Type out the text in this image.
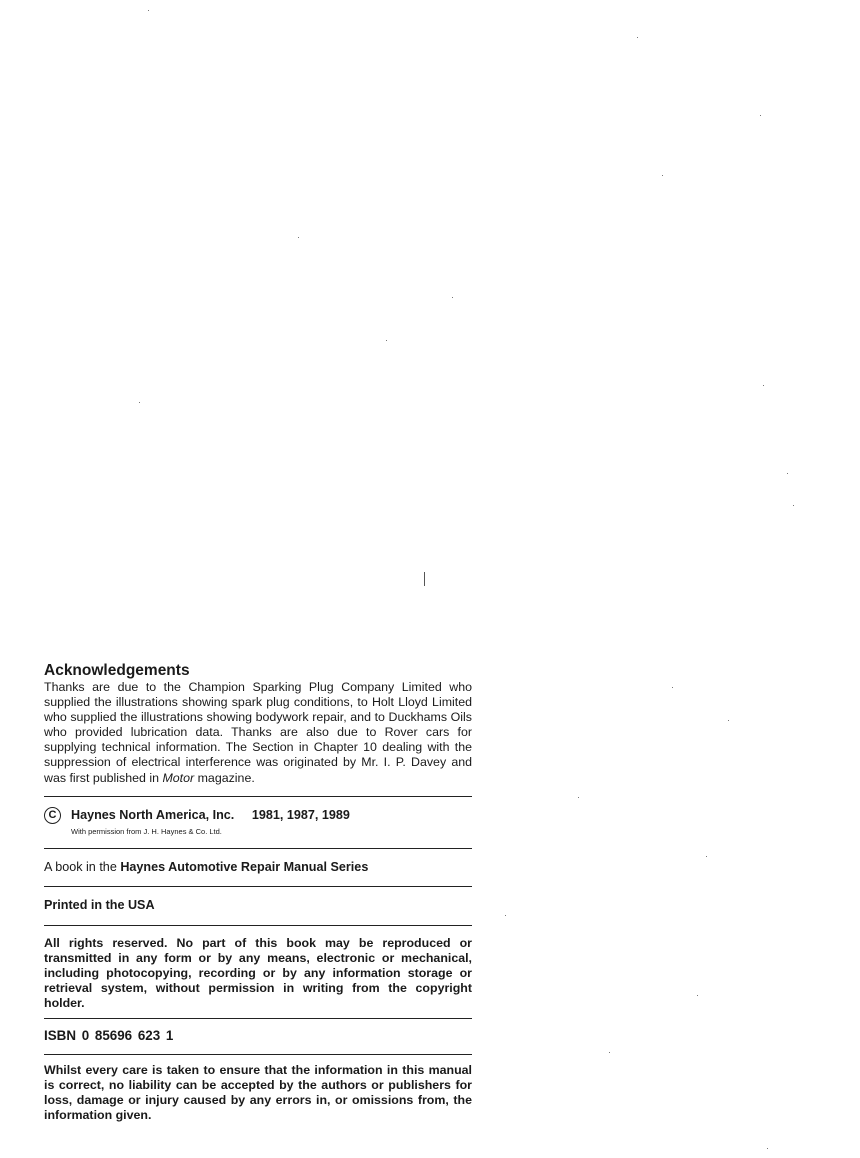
Acknowledgements

Thanks are due to the Champion Sparking Plug Company Limited who supplied the illustrations showing spark plug conditions, to Holt Lloyd Limited who supplied the illustrations showing bodywork repair, and to Duckhams Oils who provided lubrication data. Thanks are also due to Rover cars for supplying technical information. The Section in Chapter 10 dealing with the suppression of electrical interference was originated by Mr. I. P. Davey and was first published in Motor magazine.

C	Haynes North America, Inc. 1981, 1987, 1989
With permission from J. H. Haynes & Co. Ltd.
A book in the Haynes Automotive Repair Manual Series
Printed in the USA

All rights reserved. No part of this book may be reproduced or transmitted in any form or by any means, electronic or mechanical, including photocopying, recording or by any information storage or retrieval system, without permission in writing from the copyright holder.

ISBN 0 85696 623 1

Whilst every care is taken to ensure that the information in this manual is correct, no liability can be accepted by the authors or publishers for loss, damage or injury caused by any errors in, or omissions from, the information given.
